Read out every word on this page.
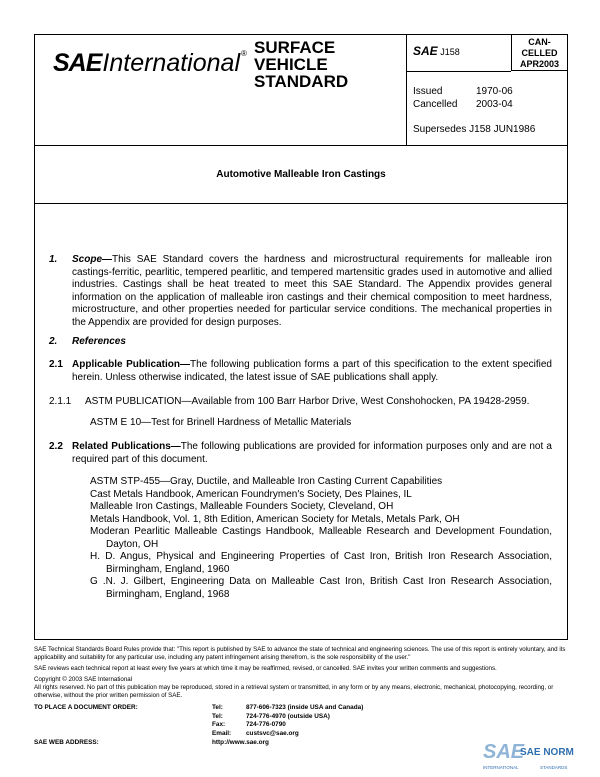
SAE International ® SURFACE
VEHICLE
STANDARD
SAE J158
CAN-
CELLED
APR2003
Issued	1970-06
Cancelled 2003-04
Supersedes J158 JUN1986
Automotive Malleable Iron Castings
1. Scope—This SAE Standard covers the hardness and microstructural requirements for malleable iron castings-ferritic, pearlitic, tempered pearlitic, and tempered martensitic grades used in automotive and allied industries. Castings shall be heat treated to meet this SAE Standard. The Appendix provides general information on the application of malleable iron castings and their chemical composition to meet hardness, microstructure, and other properties needed for particular service conditions. The mechanical properties in the Appendix are provided for design purposes.
2. References
2.1 Applicable Publication—The following publication forms a part of this specification to the extent specified herein. Unless otherwise indicated, the latest issue of SAE publications shall apply.
2.1.1 ASTM PUBLICATION—Available from 100 Barr Harbor Drive, West Conshohocken, PA 19428-2959.
ASTM E 10—Test for Brinell Hardness of Metallic Materials
2.2 Related Publications—The following publications are provided for information purposes only and are not a required part of this document.
ASTM STP-455—Gray, Ductile, and Malleable Iron Casting Current Capabilities
Cast Metals Handbook, American Foundrymen's Society, Des Plaines, IL
Malleable Iron Castings, Malleable Founders Society, Cleveland, OH
Metals Handbook, Vol. 1, 8th Edition, American Society for Metals, Metals Park, OH
Moderan Pearlitic Malleable Castings Handbook, Malleable Research and Development Foundation, Dayton, OH
H. D. Angus, Physical and Engineering Properties of Cast Iron, British Iron Research Association, Birmingham, England, 1960
G .N. J. Gilbert, Engineering Data on Malleable Cast Iron, British Cast Iron Research Association, Birmingham, England, 1968

SAE Technical Standards Board Rules provide that: "This report is published by SAE to advance the state of technical and engineering sciences. The use of this report is entirely voluntary, and its applicability and suitability for any particular use, including any patent infringement arising therefrom, is the sole responsibility of the user."

SAE reviews each technical report at least every five years at which time it may be reaffirmed, revised, or cancelled. SAE invites your written comments and suggestions.

Copyright © 2003 SAE International

All rights reserved. No part of this publication may be reproduced, stored in a retrieval system or transmitted, in any form or by any means, electronic, mechanical, photocopying, recording, or otherwise, without the prior written permission of SAE.

TO PLACE A DOCUMENT ORDER:	Tel:	877-606-7323 (inside USA and Canada)
Tel:	724-776-4970 (outside USA)
Fax:	724-776-0790
Email: custsvc@sae.org
SAE WEB ADDRESS:	http://www.sae.org	SAE
SAE NORM
INTERNATIONAL	STANDARDS
